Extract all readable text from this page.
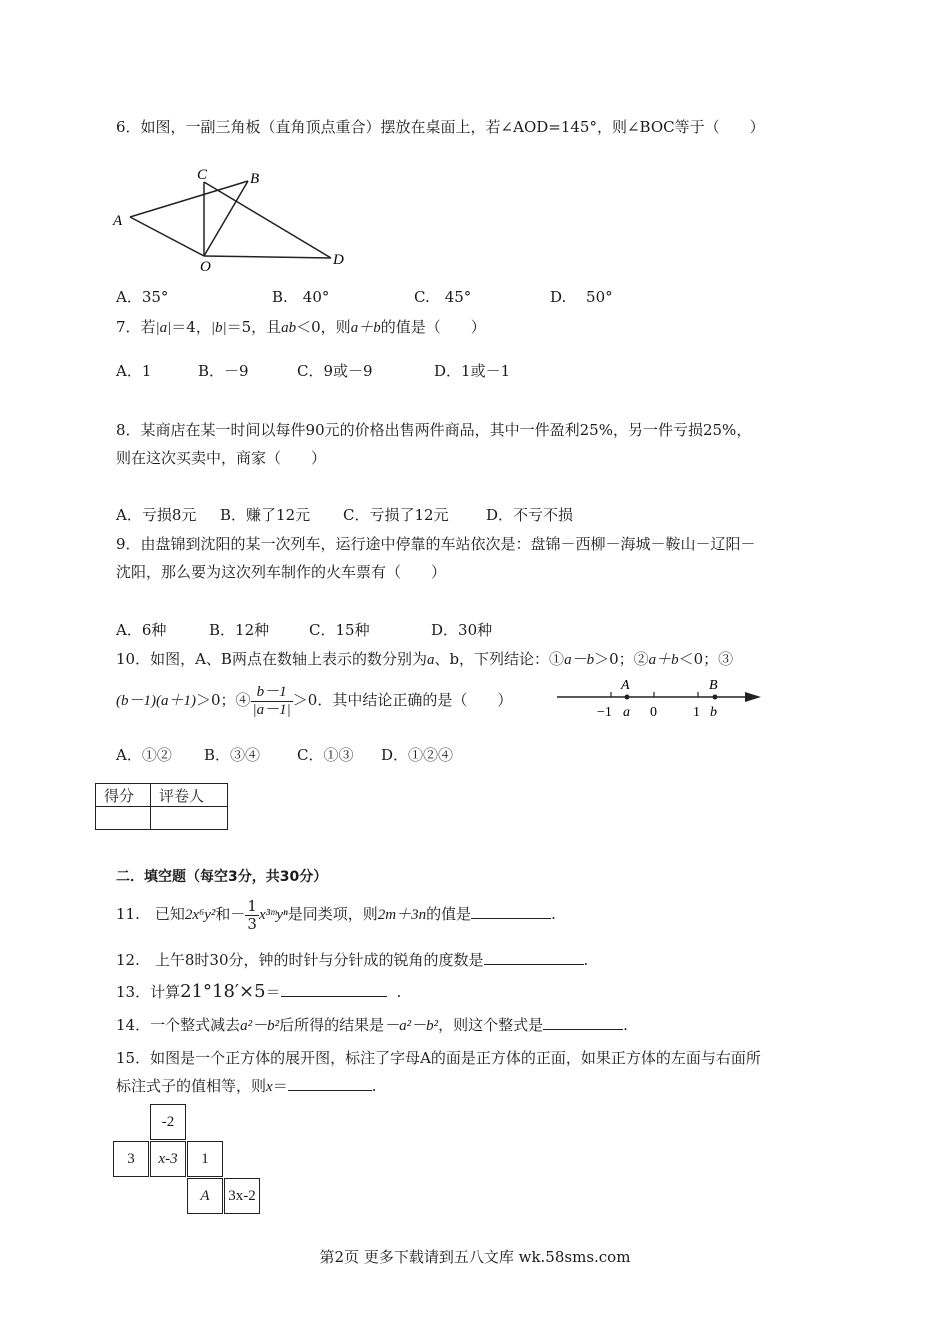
6．如图，一副三角板（直角顶点重合）摆放在桌面上，若∠AOD=145°，则∠BOC等于（　　）
A
C	B
O	D
A．35°	B.　40°	C.　45°	D.　 50°
7．若|a|＝4，|b|＝5，且ab＜0，则a＋b的值是（　　）
A．1	B．－9	C．9或－9	D．1或－1
8．某商店在某一时间以每件90元的价格出售两件商品，其中一件盈利25%，另一件亏损25%，
则在这次买卖中，商家（　　）
A．亏损8元 B．赚了12元 C．亏损了12元 D．不亏不损
9．由盘锦到沈阳的某一次列车，运行途中停靠的车站依次是：盘锦－西柳－海城－鞍山－辽阳－
沈阳，那么要为这次列车制作的火车票有（　　）
A．6种	B．12种	C．15种	D．30种
10．如图，A、B两点在数轴上表示的数分别为a、b，下列结论：①a－b＞0；②a＋b＜0；③
(b－1)(a＋1)＞0；④ $\frac{b-1}{|a-1|} >0$．其中结论正确的是（　　）
A	B
−1 a 0	1 b
A．①② B．③④ C．①③ D．①②④
得分	评卷人

二．填空题（每空3分，共30分）
11.　已知2x⁶y²和－ $\frac{1}{3}$ x³ᵐyⁿ是同类项，则2m＋3n的值是	.
12.　上午8时30分，钟的时针与分针成的锐角的度数是	.
13．计算21°18′×5＝	.
14．一个整式减去a²－b²后所得的结果是－a²－b²，则这个整式是	.
15．如图是一个正方体的展开图，标注了字母A的面是正方体的正面，如果正方体的左面与右面所
标注式子的值相等，则x＝	.
-2
3	x-3	1
A	3x-2
第2页 更多下载请到五八文库 wk.58sms.com
